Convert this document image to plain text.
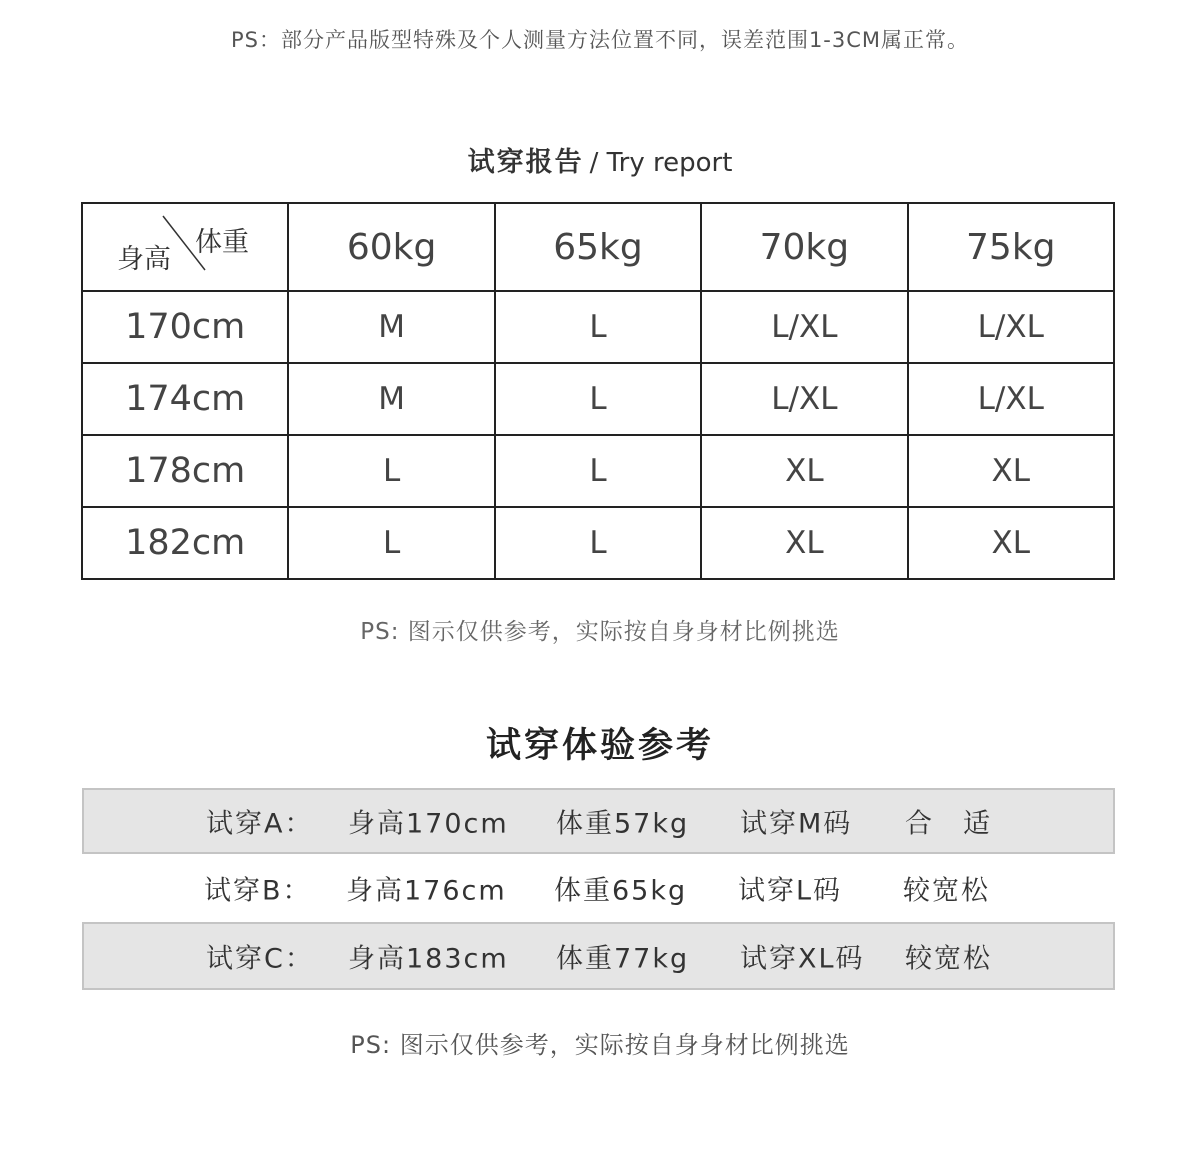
PS：部分产品版型特殊及个人测量方法位置不同，误差范围1-3CM属正常。
试穿报告 / Try report
身高
体重	60kg	65kg	70kg	75kg
170cm	M	L	L/XL	L/XL
174cm	M	L	L/XL	L/XL
178cm	L	L	XL	XL
182cm	L	L	XL	XL
PS: 图示仅供参考，实际按自身身材比例挑选
试穿体验参考
试穿A： 身高170cm 体重57kg 试穿M码 合　适
试穿B： 身高176cm 体重65kg 试穿L码 较宽松
试穿C： 身高183cm 体重77kg 试穿XL码 较宽松
PS: 图示仅供参考，实际按自身身材比例挑选
